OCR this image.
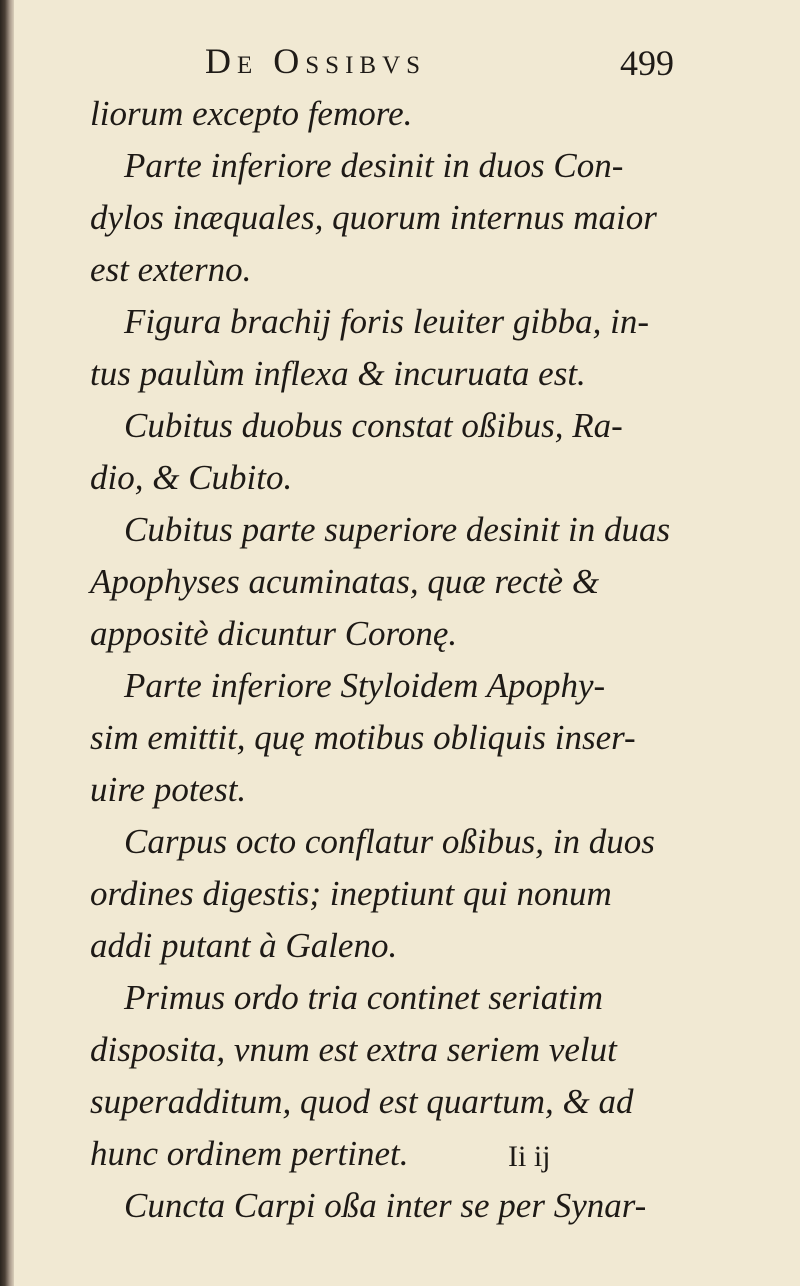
De Ossibvs	499
liorum excepto femore.
Parte inferiore desinit in duos Con-
dylos inæquales, quorum internus maior
est externo.
Figura brachij foris leuiter gibba, in-
tus paulùm inflexa & incuruata est.
Cubitus duobus constat oßibus, Ra-
dio, & Cubito.
Cubitus parte superiore desinit in duas
Apophyses acuminatas, quæ rectè &
appositè dicuntur Coronę.
Parte inferiore Styloidem Apophy-
sim emittit, quę motibus obliquis inser-
uire potest.
Carpus octo conflatur oßibus, in duos
ordines digestis; ineptiunt qui nonum
addi putant à Galeno.
Primus ordo tria continet seriatim
disposita, vnum est extra seriem velut
superadditum, quod est quartum, & ad
hunc ordinem pertinet.
Cuncta Carpi oßa inter se per Synar-
Ii ij
